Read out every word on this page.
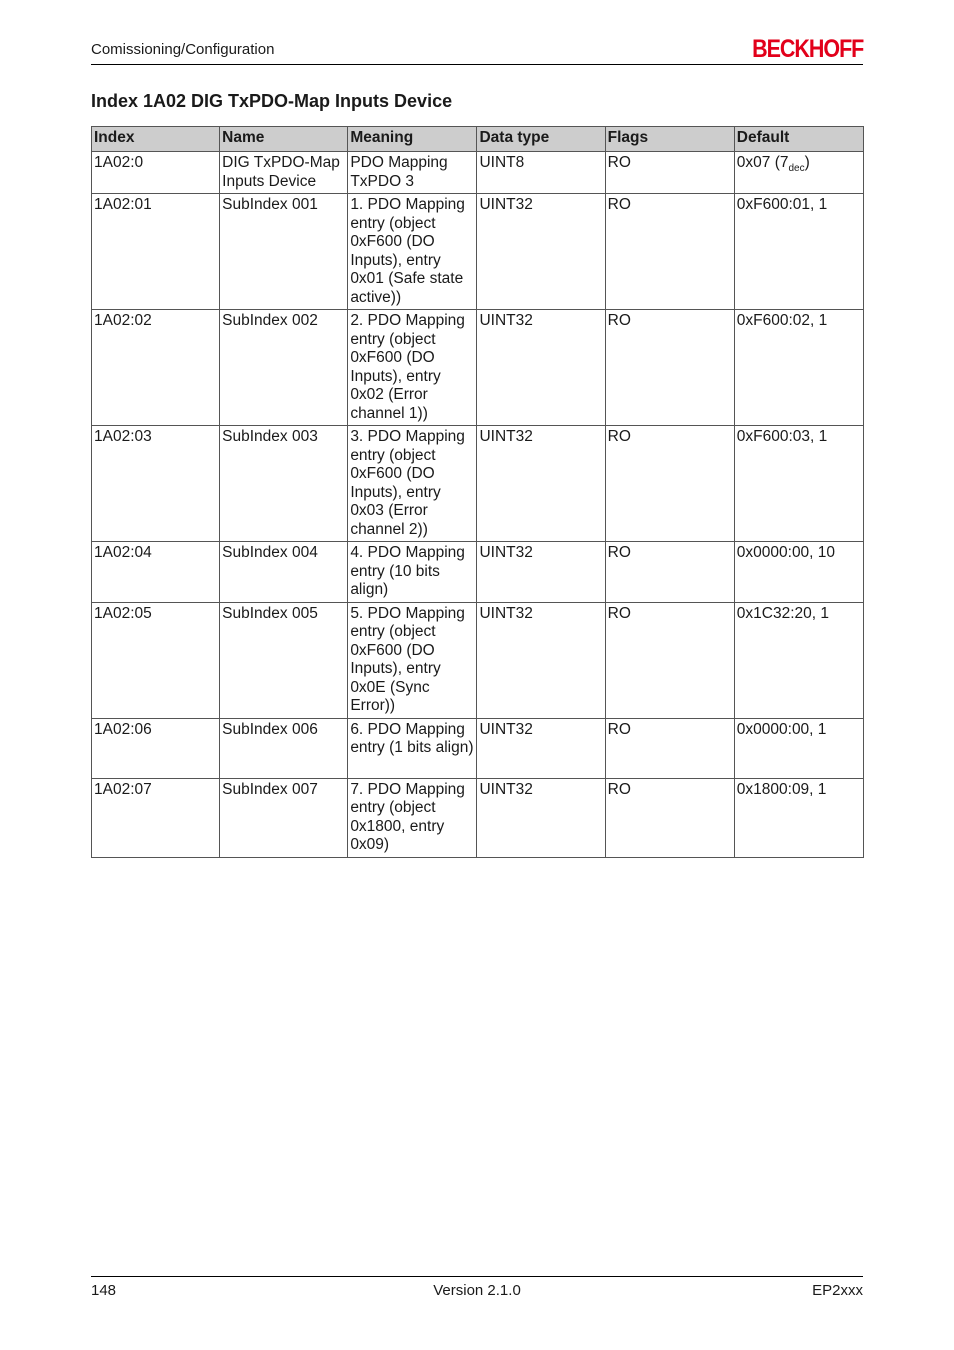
Comissioning/Configuration	BECKHOFF
Index 1A02 DIG TxPDO-Map Inputs Device
Index	Name	Meaning	Data type	Flags	Default
1A02:0	DIG TxPDO-Map Inputs Device	PDO Mapping TxPDO 3	UINT8	RO	0x07 $(7_{dec})$
1A02:01	SubIndex 001	1. PDO Mapping entry (object 0xF600 (DO Inputs), entry 0x01 (Safe state active))	UINT32	RO	0xF600:01, 1
1A02:02	SubIndex 002	2. PDO Mapping entry (object 0xF600 (DO Inputs), entry 0x02 (Error channel 1))	UINT32	RO	0xF600:02, 1
1A02:03	SubIndex 003	3. PDO Mapping entry (object 0xF600 (DO Inputs), entry 0x03 (Error channel 2))	UINT32	RO	0xF600:03, 1
1A02:04	SubIndex 004	4. PDO Mapping entry (10 bits align)	UINT32	RO	0x0000:00, 10
1A02:05	SubIndex 005	5. PDO Mapping entry (object 0xF600 (DO Inputs), entry 0x0E (Sync Error))	UINT32	RO	0x1C32:20, 1
1A02:06	SubIndex 006	6. PDO Mapping entry (1 bits align)	UINT32	RO	0x0000:00, 1
1A02:07	SubIndex 007	7. PDO Mapping entry (object 0x1800, entry 0x09)	UINT32	RO	0x1800:09, 1
148	Version 2.1.0	EP2xxx
